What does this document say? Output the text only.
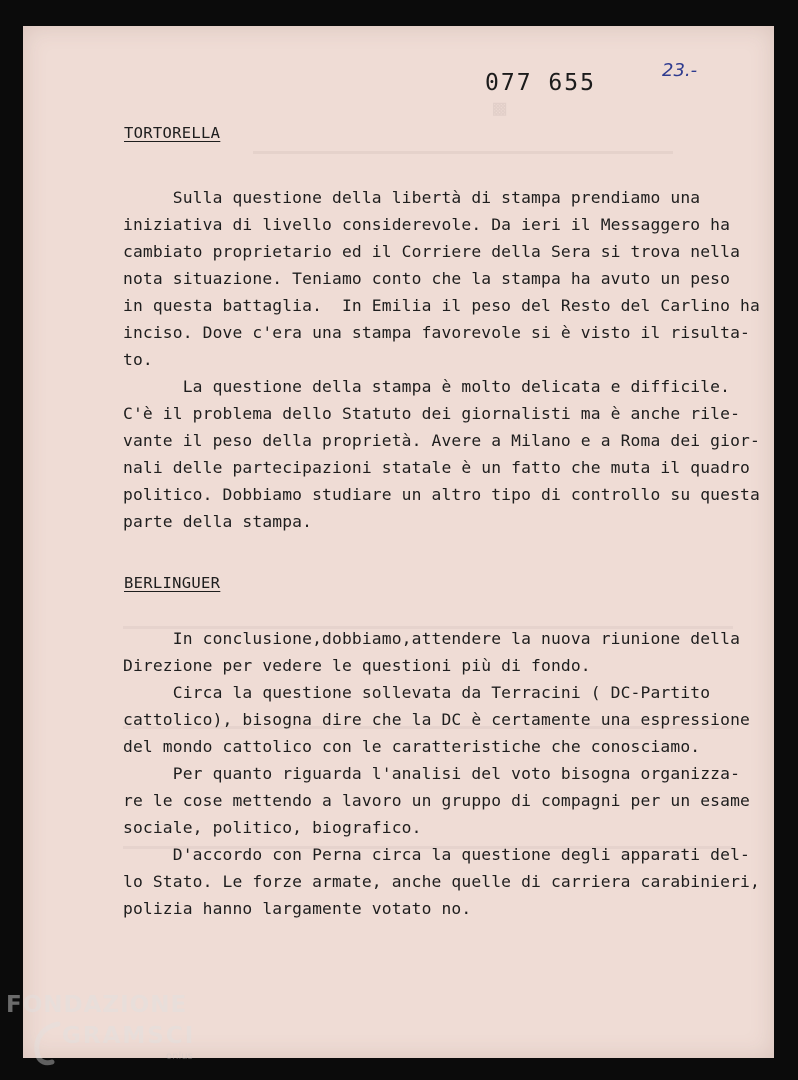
▩
077 655	23.-
TORTORELLA
Sulla questione della libertà di stampa prendiamo una
iniziativa di livello considerevole. Da ieri il Messaggero ha
cambiato proprietario ed il Corriere della Sera si trova nella
nota situazione. Teniamo conto che la stampa ha avuto un peso
in questa battaglia.  In Emilia il peso del Resto del Carlino ha
inciso. Dove c'era una stampa favorevole si è visto il risulta-
to.
La questione della stampa è molto delicata e difficile.
C'è il problema dello Statuto dei giornalisti ma è anche rile-
vante il peso della proprietà. Avere a Milano e a Roma dei gior-
nali delle partecipazioni statale è un fatto che muta il quadro
politico. Dobbiamo studiare un altro tipo di controllo su questa
parte della stampa.
BERLINGUER
In conclusione,dobbiamo,attendere la nuova riunione della
Direzione per vedere le questioni più di fondo.
Circa la questione sollevata da Terracini ( DC-Partito
cattolico), bisogna dire che la DC è certamente una espressione
del mondo cattolico con le caratteristiche che conosciamo.
Per quanto riguarda l'analisi del voto bisogna organizza-
re le cose mettendo a lavoro un gruppo di compagni per un esame
sociale, politico, biografico.
D'accordo con Perna circa la questione degli apparati del-
lo Stato. Le forze armate, anche quelle di carriera carabinieri,
polizia hanno largamente votato no.
FONDAZIONE
GRAMSCI
onlus
